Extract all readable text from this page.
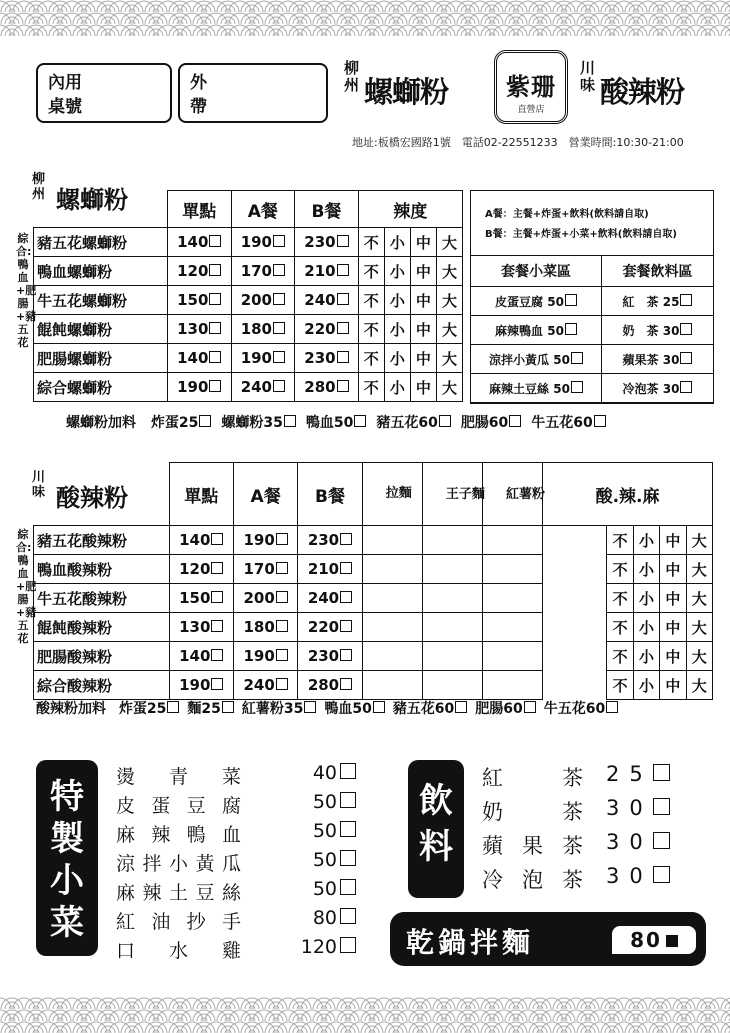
內用
桌號
外
帶
柳州 螺螄粉	紫珊
直營店
川味 酸辣粉
地址:板橋宏國路1號　電話02-22551233　營業時間:10:30-21:00
柳州 螺螄粉
綜合:鴨血+肥腸+豬五花
	單點	A餐	B餐	辣度			
豬五花螺螄粉	140	190	230	不	小	中	大
鴨血螺螄粉	120	170	210	不	小	中	大
牛五花螺螄粉	150	200	240	不	小	中	大
餛飩螺螄粉	130	180	220	不	小	中	大
肥腸螺螄粉	140	190	230	不	小	中	大
綜合螺螄粉	190	240	280	不	小	中	大
螺螄粉加料 炸蛋25 螺螄粉35 鴨血50 豬五花60 肥腸60 牛五花60
A餐：主餐+炸蛋+飲料(飲料請自取)
B餐：主餐+炸蛋+小菜+飲料(飲料請自取)
套餐小菜區	套餐飲料區
皮蛋豆腐 50	紅　茶 25
麻辣鴨血 50	奶　茶 30
涼拌小黃瓜 50	蘋果茶 30
麻辣土豆絲 50	冷泡茶 30
川味 酸辣粉
綜合:鴨血+肥腸+豬五花
	單點	A餐	B餐	拉麵	王子麵	紅薯粉	酸.辣.麻				
豬五花酸辣粉	140	190	230					不	小	中	大
鴨血酸辣粉	120	170	210					不	小	中	大
牛五花酸辣粉	150	200	240					不	小	中	大
餛飩酸辣粉	130	180	220					不	小	中	大
肥腸酸辣粉	140	190	230					不	小	中	大
綜合酸辣粉	190	240	280					不	小	中	大
酸辣粉加料 炸蛋25 麵25 紅薯粉35 鴨血50 豬五花60 肥腸60 牛五花60
特製小菜
燙青菜	40
皮蛋豆腐	50
麻辣鴨血	50
涼拌小黃瓜	50
麻辣土豆絲	50
紅油抄手	80
口水雞	120
飲料
紅　茶 25
奶　茶 30
蘋果茶 30
冷泡茶 30
乾鍋拌麵	80
